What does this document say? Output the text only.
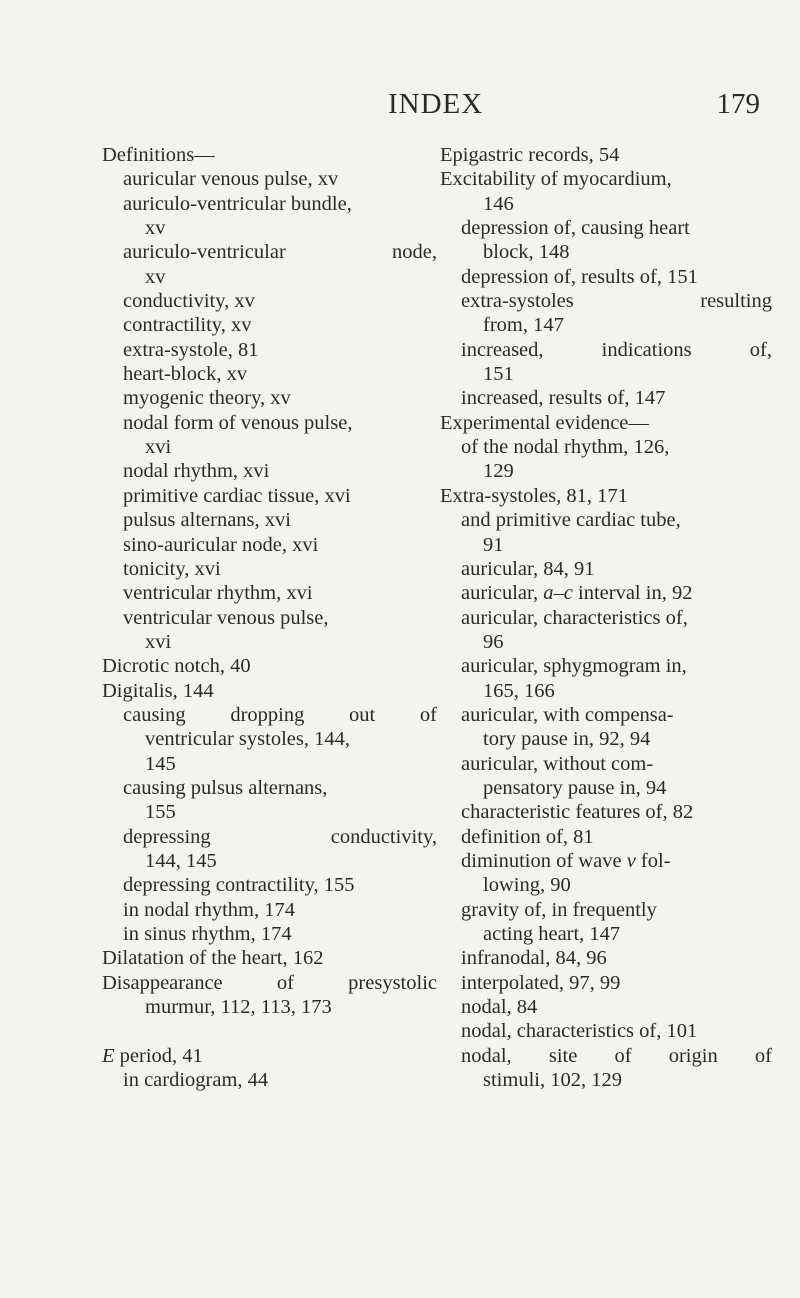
INDEX	179
Definitions—
auricular venous pulse, xv
auriculo-ventricular bundle,
xv
auriculo-ventricular	node,
xv
conductivity, xv
contractility, xv
extra-systole, 81
heart-block, xv
myogenic theory, xv
nodal form of venous pulse,
xvi
nodal rhythm, xvi
primitive cardiac tissue, xvi
pulsus alternans, xvi
sino-auricular node, xvi
tonicity, xvi
ventricular rhythm, xvi
ventricular venous pulse,
xvi
Dicrotic notch, 40
Digitalis, 144
causing dropping out of
ventricular systoles, 144,
145
causing pulsus alternans,
155
depressing	conductivity,
144, 145
depressing contractility, 155
in nodal rhythm, 174
in sinus rhythm, 174
Dilatation of the heart, 162
Disappearance	of	presystolic
murmur, 112, 113, 173
E period, 41
in cardiogram, 44
Epigastric records, 54
Excitability of myocardium,
146
depression of, causing heart
block, 148
depression of, results of, 151
extra-systoles	resulting
from, 147
increased,	indications	of,
151
increased, results of, 147
Experimental evidence—
of the nodal rhythm, 126,
129
Extra-systoles, 81, 171
and primitive cardiac tube,
91
auricular, 84, 91
auricular, a–c interval in, 92
auricular, characteristics of,
96
auricular, sphygmogram in,
165, 166
auricular, with compensa-
tory pause in, 92, 94
auricular, without com-
pensatory pause in, 94
characteristic features of, 82
definition of, 81
diminution of wave v fol-
lowing, 90
gravity of, in frequently
acting heart, 147
infranodal, 84, 96
interpolated, 97, 99
nodal, 84
nodal, characteristics of, 101
nodal, site of origin of
stimuli, 102, 129
